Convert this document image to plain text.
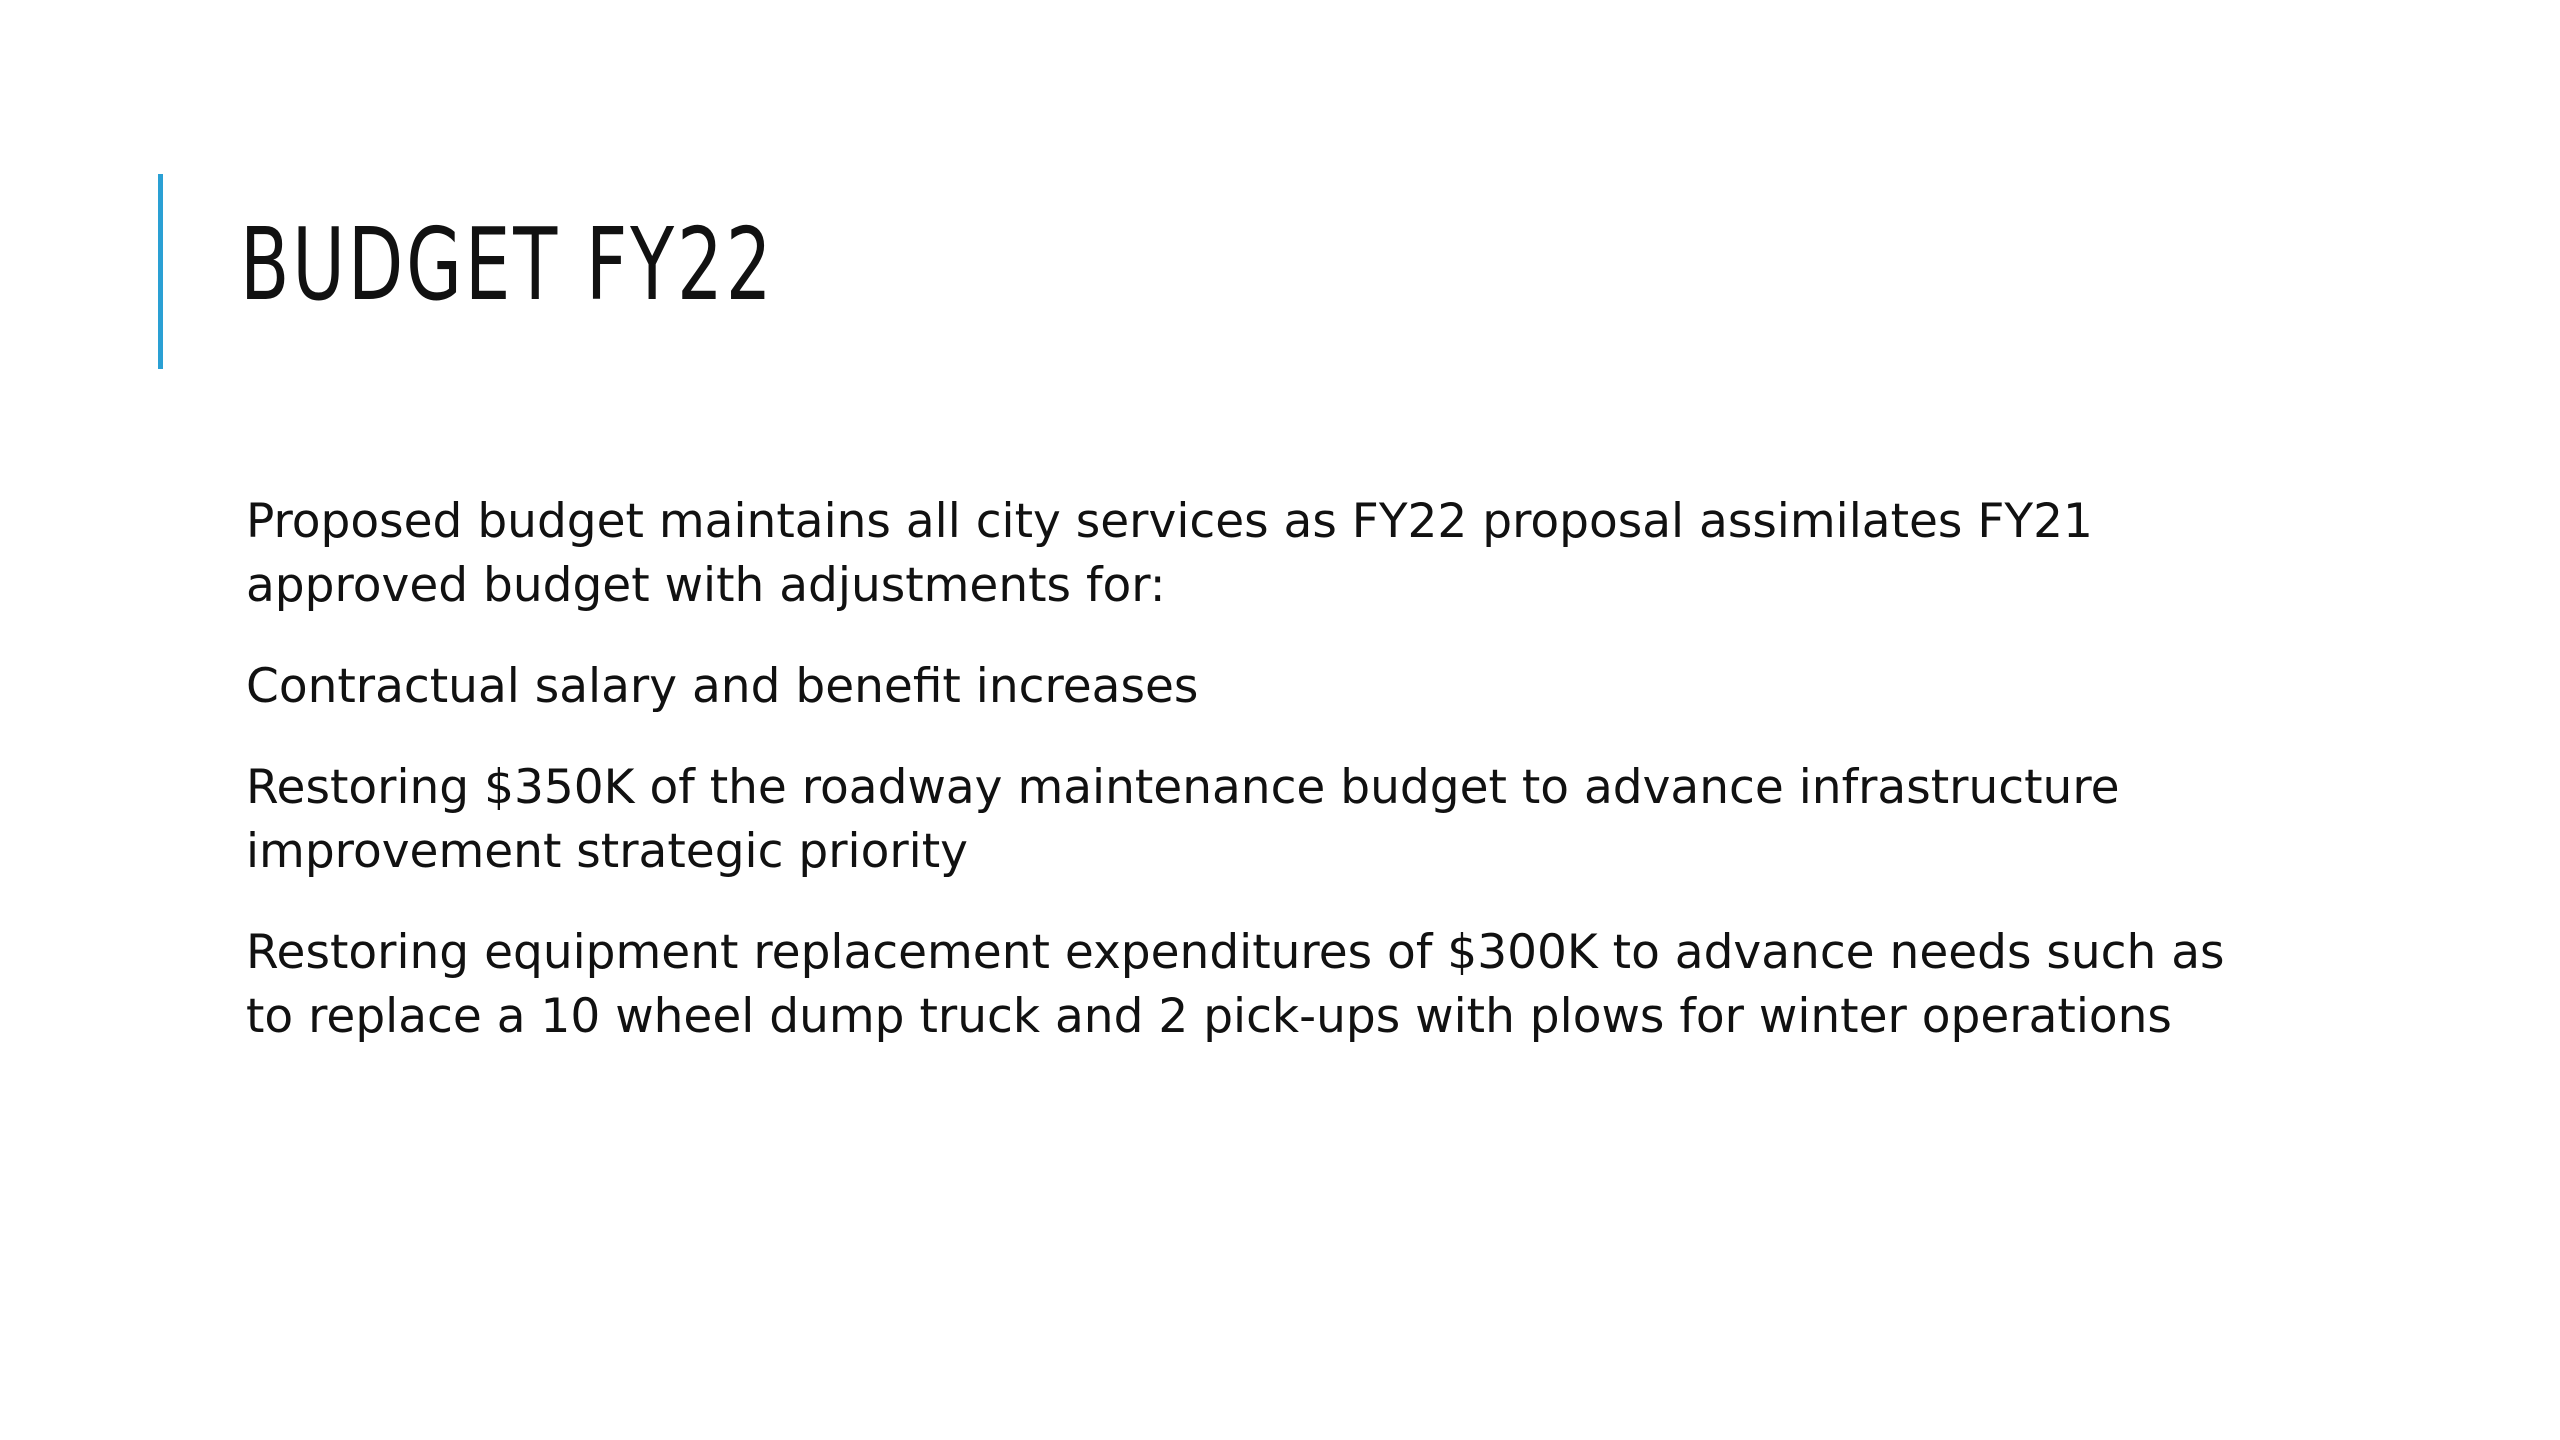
BUDGET FY22

Proposed budget maintains all city services as FY22 proposal assimilates FY21 approved budget with adjustments for:

Contractual salary and benefit increases

Restoring $350K of the roadway maintenance budget to advance infrastructure improvement strategic priority

Restoring equipment replacement expenditures of $300K to advance needs such as to replace a 10 wheel dump truck and 2 pick-ups with plows for winter operations
